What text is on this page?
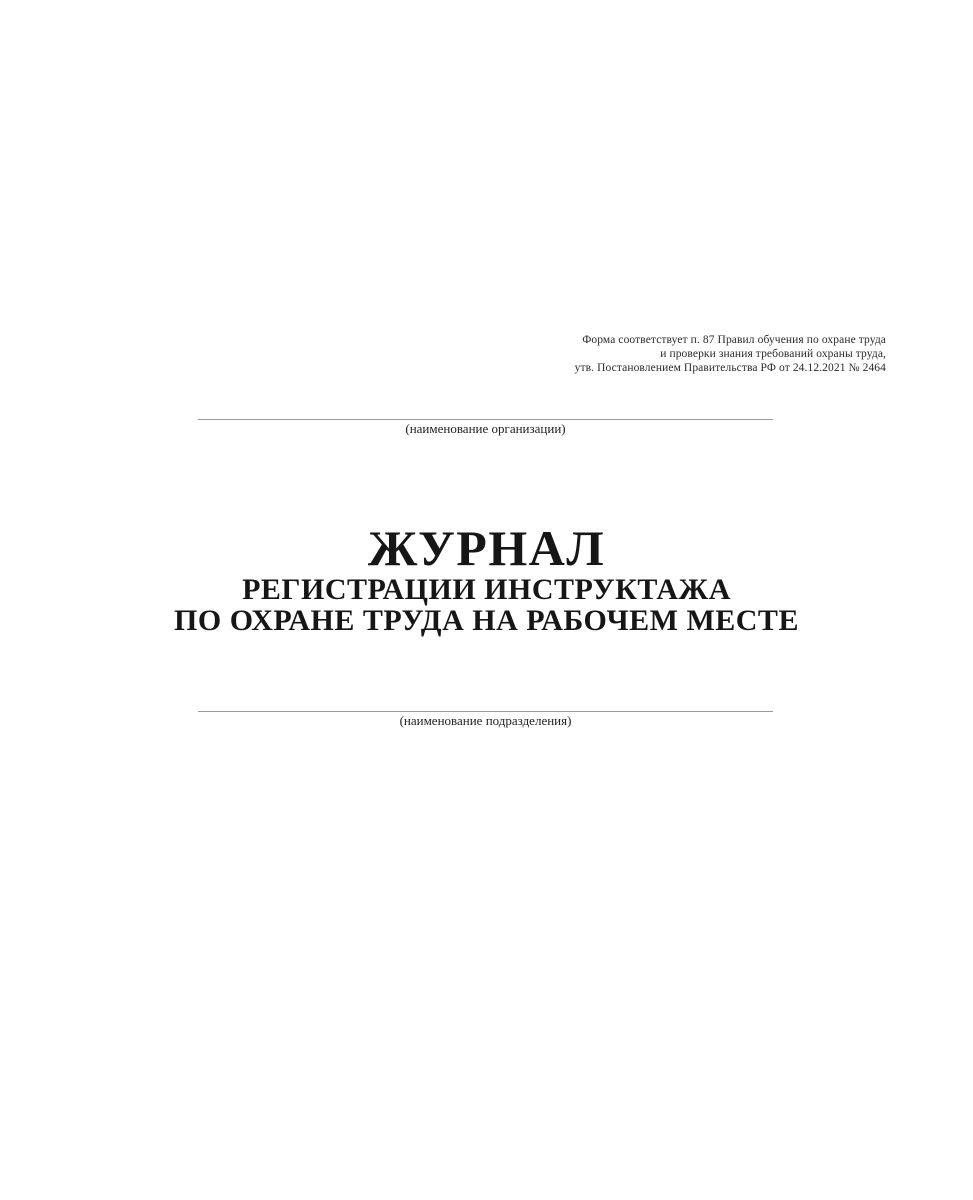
Форма соответствует п. 87 Правил обучения по охране труда
и проверки знания требований охраны труда,
утв. Постановлением Правительства РФ от 24.12.2021 № 2464
(наименование организации)
ЖУРНАЛ
РЕГИСТРАЦИИ ИНСТРУКТАЖА
ПО ОХРАНЕ ТРУДА НА РАБОЧЕМ МЕСТЕ
(наименование подразделения)
